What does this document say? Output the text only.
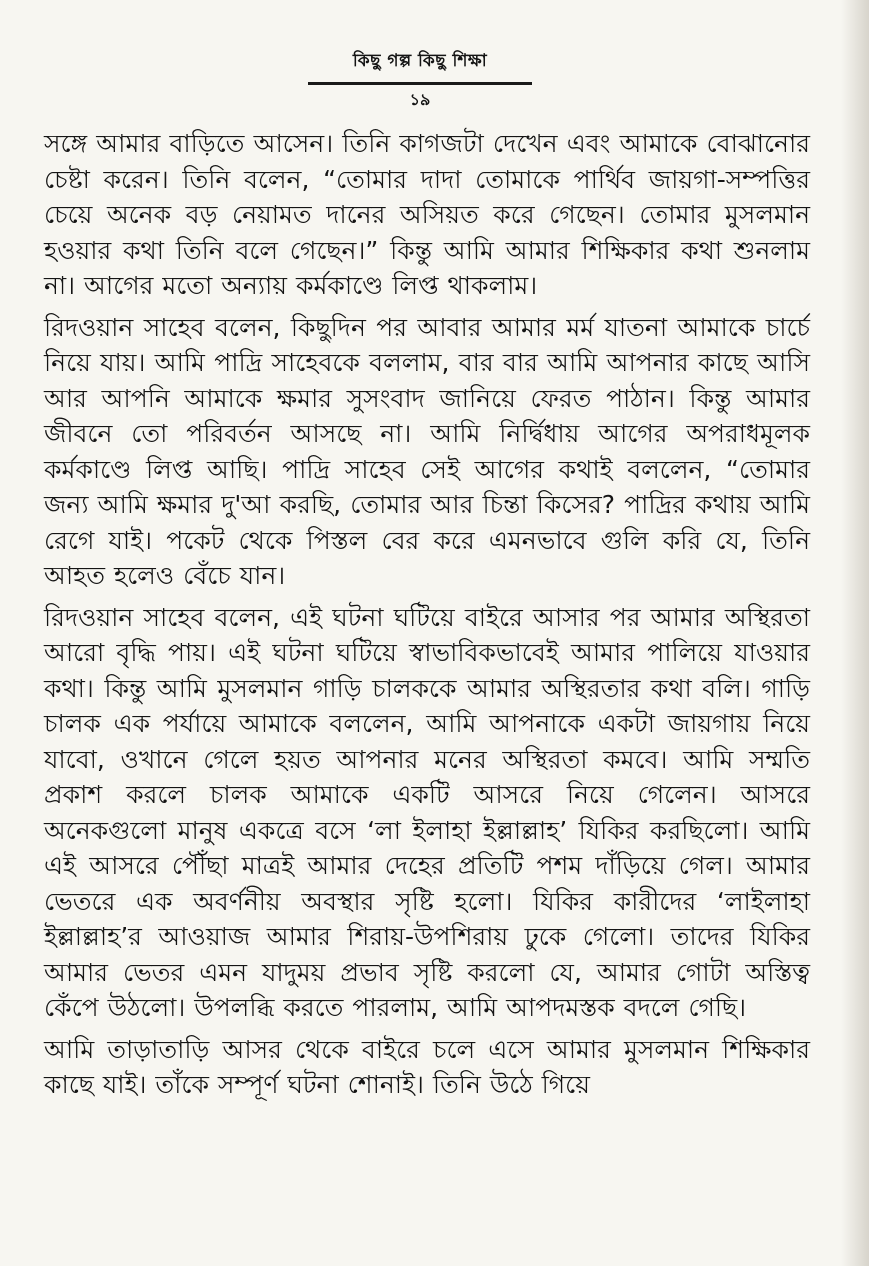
কিছু গল্প কিছু শিক্ষা
১৯

সঙ্গে আমার বাড়িতে আসেন। তিনি কাগজটা দেখেন এবং আমাকে বোঝানোর চেষ্টা করেন। তিনি বলেন, “তোমার দাদা তোমাকে পার্থিব জায়গা-সম্পত্তির চেয়ে অনেক বড় নেয়ামত দানের অসিয়ত করে গেছেন। তোমার মুসলমান হওয়ার কথা তিনি বলে গেছেন।” কিন্তু আমি আমার শিক্ষিকার কথা শুনলাম না। আগের মতো অন্যায় কর্মকাণ্ডে লিপ্ত থাকলাম।

রিদওয়ান সাহেব বলেন, কিছুদিন পর আবার আমার মর্ম যাতনা আমাকে চার্চে নিয়ে যায়। আমি পাদ্রি সাহেবকে বললাম, বার বার আমি আপনার কাছে আসি আর আপনি আমাকে ক্ষমার সুসংবাদ জানিয়ে ফেরত পাঠান। কিন্তু আমার জীবনে তো পরিবর্তন আসছে না। আমি নির্দ্বিধায় আগের অপরাধমূলক কর্মকাণ্ডে লিপ্ত আছি। পাদ্রি সাহেব সেই আগের কথাই বললেন, “তোমার জন্য আমি ক্ষমার দু'আ করছি, তোমার আর চিন্তা কিসের? পাদ্রির কথায় আমি রেগে যাই। পকেট থেকে পিস্তল বের করে এমনভাবে গুলি করি যে, তিনি আহত হলেও বেঁচে যান।

রিদওয়ান সাহেব বলেন, এই ঘটনা ঘটিয়ে বাইরে আসার পর আমার অস্থিরতা আরো বৃদ্ধি পায়। এই ঘটনা ঘটিয়ে স্বাভাবিকভাবেই আমার পালিয়ে যাওয়ার কথা। কিন্তু আমি মুসলমান গাড়ি চালককে আমার অস্থিরতার কথা বলি। গাড়ি চালক এক পর্যায়ে আমাকে বললেন, আমি আপনাকে একটা জায়গায় নিয়ে যাবো, ওখানে গেলে হয়ত আপনার মনের অস্থিরতা কমবে। আমি সম্মতি প্রকাশ করলে চালক আমাকে একটি আসরে নিয়ে গেলেন। আসরে অনেকগুলো মানুষ একত্রে বসে ‘লা ইলাহা ইল্লাল্লাহ’ যিকির করছিলো। আমি এই আসরে পৌঁছা মাত্রই আমার দেহের প্রতিটি পশম দাঁড়িয়ে গেল। আমার ভেতরে এক অবর্ণনীয় অবস্থার সৃষ্টি হলো। যিকির কারীদের ‘লাইলাহা ইল্লাল্লাহ’র আওয়াজ আমার শিরায়-উপশিরায় ঢুকে গেলো। তাদের যিকির আমার ভেতর এমন যাদুময় প্রভাব সৃষ্টি করলো যে, আমার গোটা অস্তিত্ব কেঁপে উঠলো। উপলব্ধি করতে পারলাম, আমি আপদমস্তক বদলে গেছি।

আমি তাড়াতাড়ি আসর থেকে বাইরে চলে এসে আমার মুসলমান শিক্ষিকার কাছে যাই। তাঁকে সম্পূর্ণ ঘটনা শোনাই। তিনি উঠে গিয়ে
